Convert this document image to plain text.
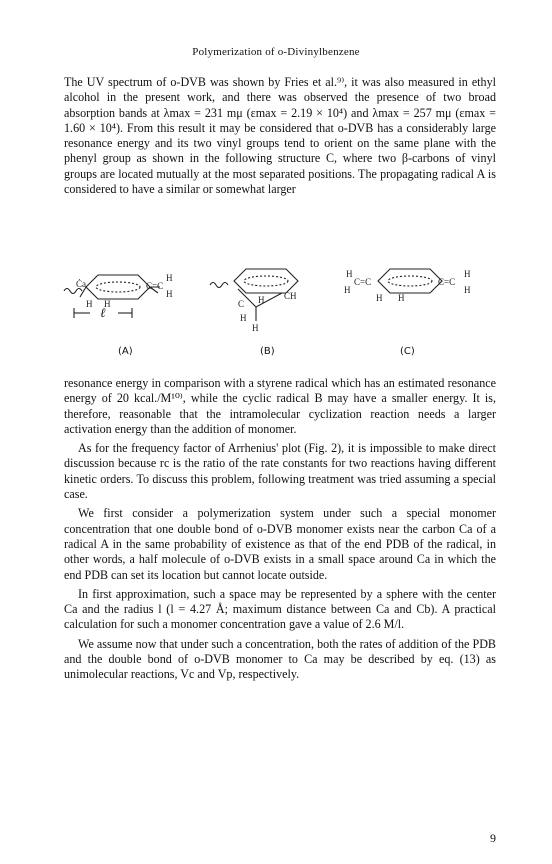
Polymerization of o-Divinylbenzene

The UV spectrum of o-DVB was shown by Fries et al.⁹⁾, it was also measured in ethyl alcohol in the present work, and there was observed the presence of two broad absorption bands at λmax = 231 mμ (εmax = 2.19 × 10⁴) and λmax = 257 mμ (εmax = 1.60 × 10⁴). From this result it may be considered that o-DVB has a considerably large resonance energy and its two vinyl groups tend to orient on the same plane with the phenyl group as shown in the following structure C, where two β-carbons of vinyl groups are located mutually at the most separated positions. The propagating radical A is considered to have a similar or somewhat larger

ℓ
Ċa
H H
C=C
H
H
C H ĊH
H
H
H
H
C=C
H H
C=C
H
H
(A)	(B)	(C)

resonance energy in comparison with a styrene radical which has an estimated resonance energy of 20 kcal./M¹⁰⁾, while the cyclic radical B may have a smaller energy. It is, therefore, reasonable that the intramolecular cyclization reaction needs a larger activation energy than the addition of monomer.

As for the frequency factor of Arrhenius' plot (Fig. 2), it is impossible to make direct discussion because rc is the ratio of the rate constants for two reactions having different kinetic orders. To discuss this problem, following treatment was tried assuming a special case.

We first consider a polymerization system under such a special monomer concentration that one double bond of o-DVB monomer exists near the carbon Ca of a radical A in the same probability of existence as that of the end PDB of the radical, in other words, a half molecule of o-DVB exists in a small space around Ca in which the end PDB can set its location but cannot locate outside.

In first approximation, such a space may be represented by a sphere with the center Ca and the radius l (l = 4.27 Å; maximum distance between Ca and Cb). A practical calculation for such a monomer concentration gave a value of 2.6 M/l.

We assume now that under such a concentration, both the rates of addition of the PDB and the double bond of o-DVB monomer to Ca may be described by eq. (13) as unimolecular reactions, Vc and Vp, respectively.

9
